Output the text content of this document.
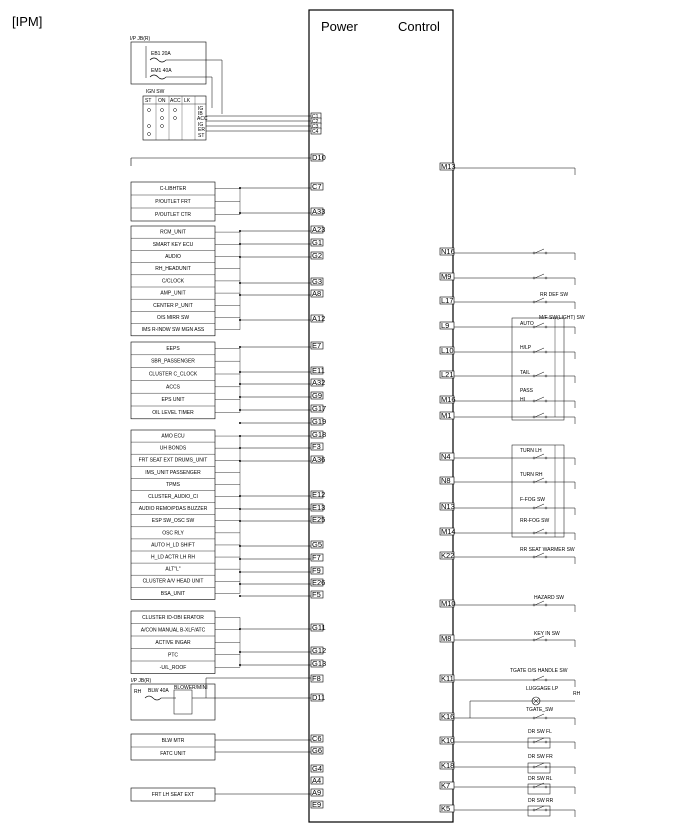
[IPM]	Power	Control
I/P JB(R)
EB1 20A
EM1 40A
IGN SW
ST ON ACC LK
IG
IB
ACC
IG
ER
ST
C1
C2
C3
C4
D10
C-LIBHTER
P/OUTLET FRT
P/OUTLET CTR
C7
A33
RCM_UNIT
SMART KEY ECU
AUDIO
RH_HEADUNIT
C/CLOCK
AMP_UNIT
CENTER P_UNIT
O/S MIRR SW
IMS R-INDW SW MGN ASS
A23
G1
G2
G3
A8
A12
EEPS
SBR_PASSENGER
CLUSTER C_CLOCK
ACCS
EPS UNIT
OIL LEVEL TIMER
E7
E11
A32
G9
G17
G19
AMO ECU
UH BONDS
FRT SEAT EXT DRUMS_UNIT
IMS_UNIT PASSENGER
TPMS
CLUSTER_AUDIO_CI
AUDIO REMO/PDAS BUZZER
ESP SW_OSC SW
OSC RLY
AUTO H_LD SHIFT
H_LD ACTR LH RH
ALT"L"
CLUSTER A/V HEAD UNIT
BSA_UNIT
G18
F3
A36
E12
E13
E25
G5
F7
F9
E26
F5
CLUSTER ID-OBI ERATOR
A/CON MANUAL B-XLF/ATC
ACTIVE INGAR
PTC
-U/L_ROOF
G11
G12
G13
I/P JB(R)
RH BLW 40A BLOWER/MINI
F8
D11
BLW MTR
FATC UNIT
C6
G6
FRT LH SEAT EXT
G4
A4
A9
E9
M13
N16
M9
L17
L9
L10
L21
M16
M1
N4
N8
N13
M14
K22
M10
M8
K11
K16
K10
K18
K7
K5
RR DEF SW
M/F SW(LIGHT) SW
AUTO
H/LP
TAIL
PASS
HI
TURN LH
TURN RH
F-FOG SW
RR-FOG SW
RR SEAT WARMER SW
HAZARD SW
KEY IN SW
TGATE O/S HANDLE SW
LUGGAGE LP
RH
TGATE_SW
DR SW FL
DR SW FR
DR SW RL
DR SW RR
